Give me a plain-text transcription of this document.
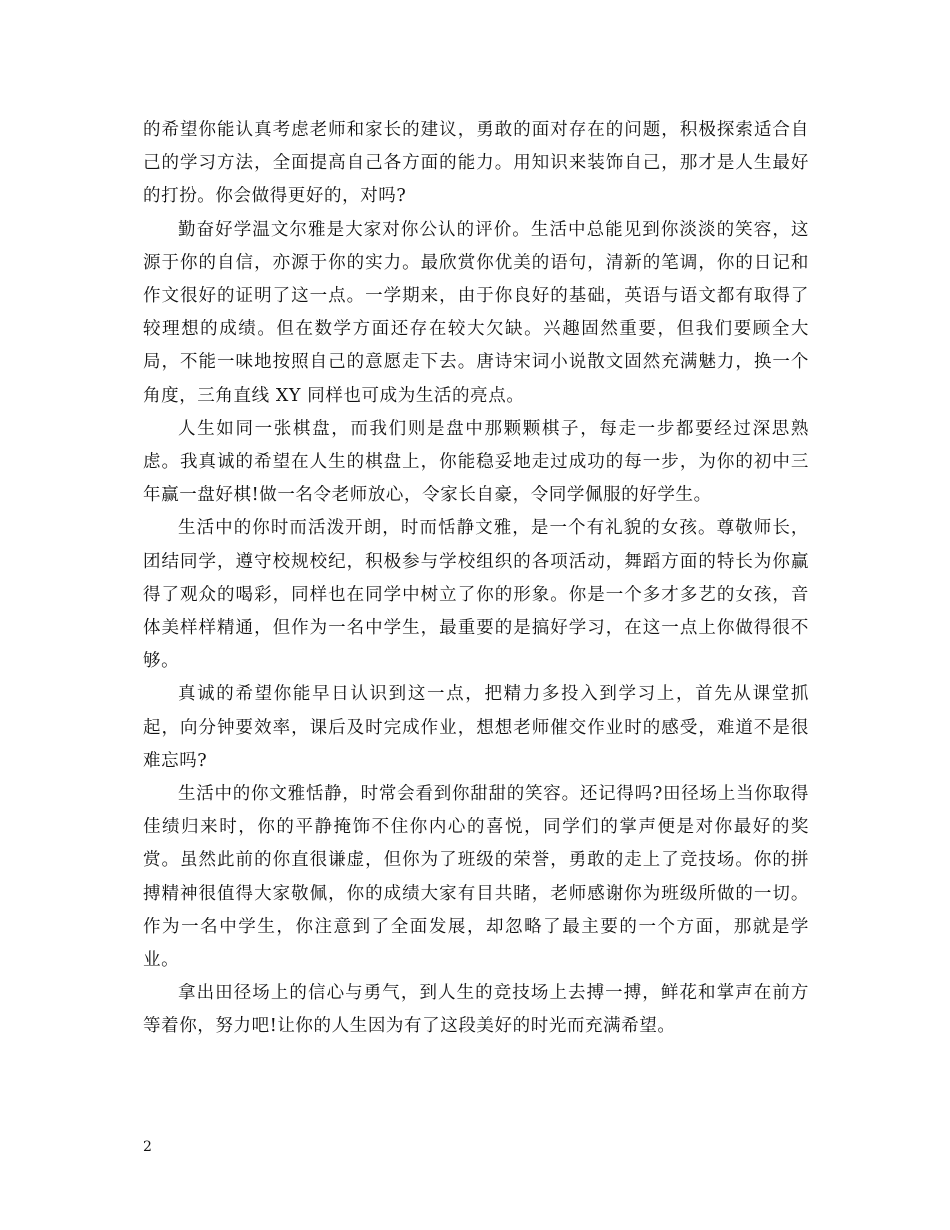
的希望你能认真考虑老师和家长的建议，勇敢的面对存在的问题，积极探索适合自己的学习方法，全面提高自己各方面的能力。用知识来装饰自己，那才是人生最好的打扮。你会做得更好的，对吗?

勤奋好学温文尔雅是大家对你公认的评价。生活中总能见到你淡淡的笑容，这源于你的自信，亦源于你的实力。最欣赏你优美的语句，清新的笔调，你的日记和作文很好的证明了这一点。一学期来，由于你良好的基础，英语与语文都有取得了较理想的成绩。但在数学方面还存在较大欠缺。兴趣固然重要，但我们要顾全大局，不能一味地按照自己的意愿走下去。唐诗宋词小说散文固然充满魅力，换一个角度，三角直线 XY 同样也可成为生活的亮点。

人生如同一张棋盘，而我们则是盘中那颗颗棋子，每走一步都要经过深思熟虑。我真诚的希望在人生的棋盘上，你能稳妥地走过成功的每一步，为你的初中三年赢一盘好棋!做一名令老师放心，令家长自豪，令同学佩服的好学生。

生活中的你时而活泼开朗，时而恬静文雅，是一个有礼貌的女孩。尊敬师长，团结同学，遵守校规校纪，积极参与学校组织的各项活动，舞蹈方面的特长为你赢得了观众的喝彩，同样也在同学中树立了你的形象。你是一个多才多艺的女孩，音体美样样精通，但作为一名中学生，最重要的是搞好学习，在这一点上你做得很不够。

真诚的希望你能早日认识到这一点，把精力多投入到学习上，首先从课堂抓起，向分钟要效率，课后及时完成作业，想想老师催交作业时的感受，难道不是很难忘吗?

生活中的你文雅恬静，时常会看到你甜甜的笑容。还记得吗?田径场上当你取得佳绩归来时，你的平静掩饰不住你内心的喜悦，同学们的掌声便是对你最好的奖赏。虽然此前的你直很谦虚，但你为了班级的荣誉，勇敢的走上了竞技场。你的拼搏精神很值得大家敬佩，你的成绩大家有目共睹，老师感谢你为班级所做的一切。作为一名中学生，你注意到了全面发展，却忽略了最主要的一个方面，那就是学业。

拿出田径场上的信心与勇气，到人生的竞技场上去搏一搏，鲜花和掌声在前方等着你，努力吧!让你的人生因为有了这段美好的时光而充满希望。

2
